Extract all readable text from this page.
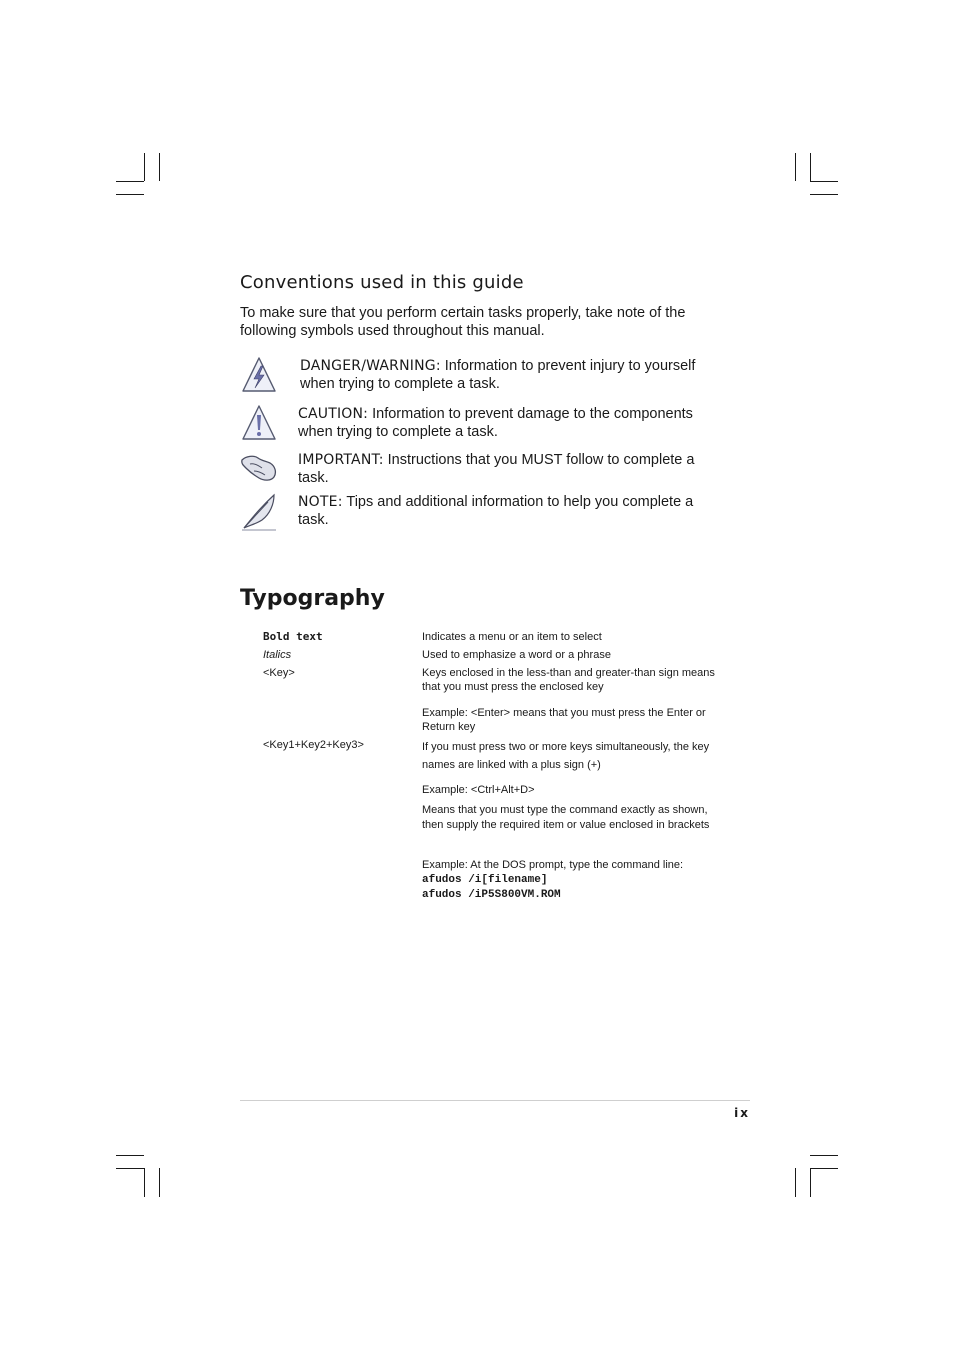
Conventions used in this guide
To make sure that you perform certain tasks properly, take note of the following symbols used throughout this manual.
DANGER/WARNING: Information to prevent injury to yourself when trying to complete a task.
CAUTION: Information to prevent damage to the components when trying to complete a task.
IMPORTANT: Instructions that you MUST follow to complete a task.
NOTE: Tips and additional information to help you complete a task.
Typography
Bold text	Indicates a menu or an item to select
Italics	Used to emphasize a word or a phrase
<Key>	Keys enclosed in the less-than and greater-than sign means that you must press the enclosed key
Example: <Enter> means that you must press the Enter or Return key
<Key1+Key2+Key3>	If you must press two or more keys simultaneously, the key names are linked with a plus sign (+)
Example: <Ctrl+Alt+D>
Means that you must type the command exactly as shown, then supply the required item or value enclosed in brackets
Example: At the DOS prompt, type the command line:
afudos /i[filename]
afudos /iP5S800VM.ROM
ix
